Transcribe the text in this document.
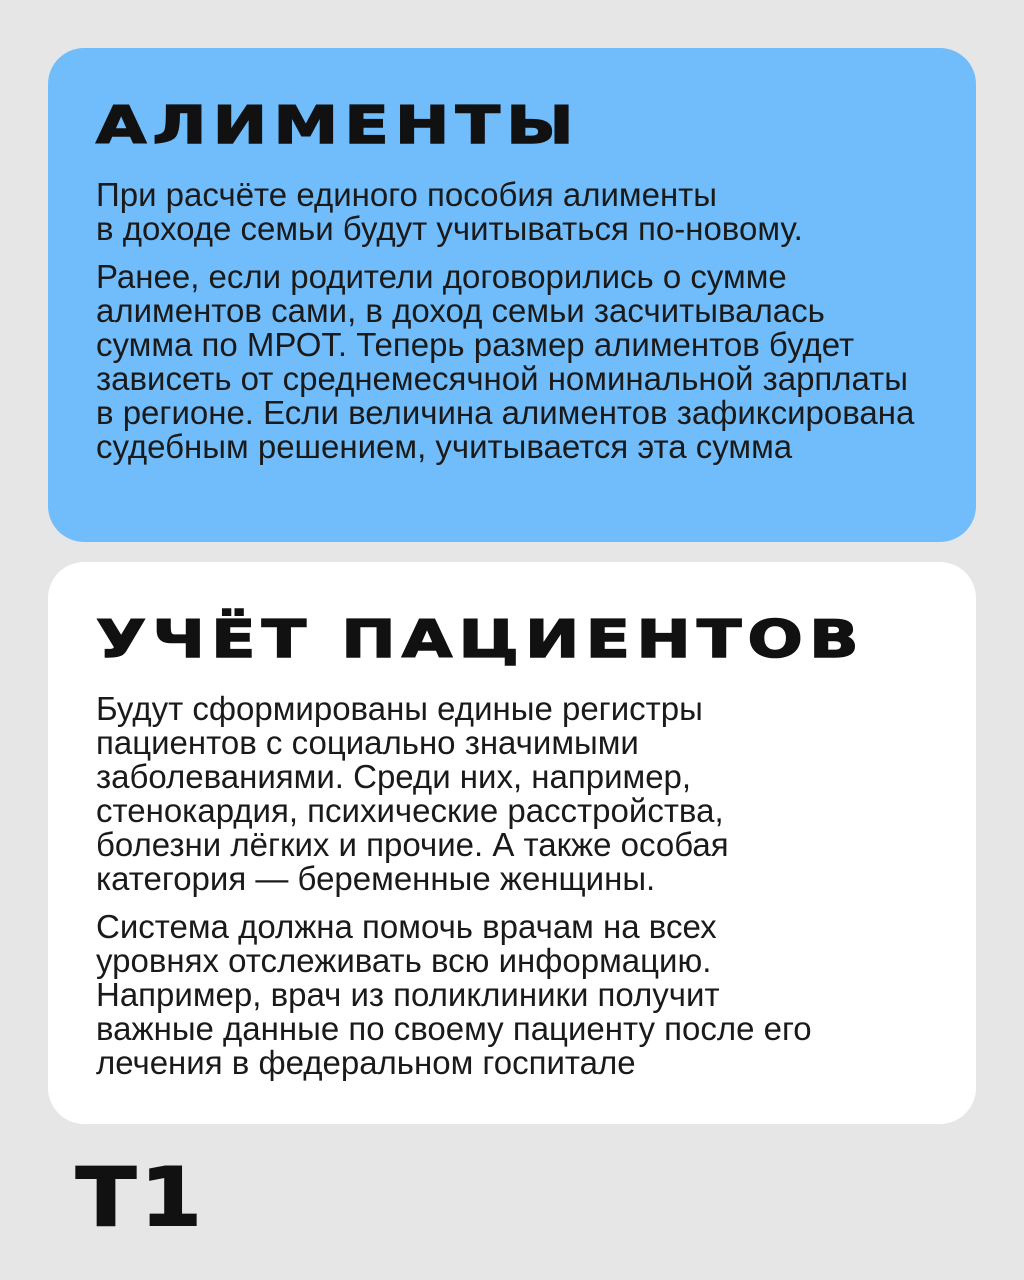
АЛИМЕНТЫ

При расчёте единого пособия алименты
в доходе семьи будут учитываться по-новому.

Ранее, если родители договорились о сумме алиментов сами, в доход семьи засчитывалась сумма по МРОТ. Теперь размер алиментов будет зависеть от среднемесячной номинальной зарплаты в регионе. Если величина алиментов зафиксирована судебным решением, учитывается эта сумма

УЧЁТ ПАЦИЕНТОВ

Будут сформированы единые регистры пациентов с социально значимыми заболеваниями. Среди них, например, стенокардия, психические расстройства, болезни лёгких и прочие. А также особая категория — беременные женщины.

Система должна помочь врачам на всех уровнях отслеживать всю информацию. Например, врач из поликлиники получит важные данные по своему пациенту после его лечения в федеральном госпитале

T1
